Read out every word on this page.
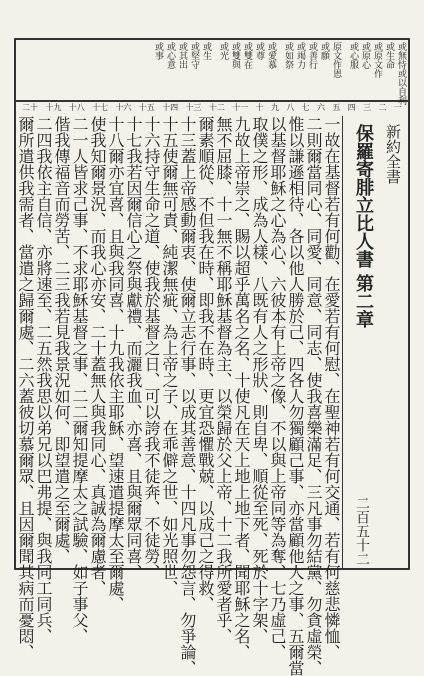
或無恃或以自利
或生命
或原文作
或原心
或心服
原文作恩
或願
或善行
或竭力
或如祭
或愛慕
或尊
或雙在
或雙與
或光
或生
或堅守
或其出
或心意
或事
一
二
三
四
五
六
七
八
九
十
十一
十二
十三
十四
十五
十六
十七
十八
十九
二十
新約全書
保羅寄腓立比人書 第二章
二百五十二
一故在基督若有何勸、在愛若有何慰、在聖神若有何交通、若有何慈悲憐恤、
二則爾當同心、同愛、同意、同志、使我喜樂滿足、三凡事勿結黨、勿貪虛榮、
惟以謙遜相待、各以他人勝於己、四各人勿獨顧己事、亦當顧他人之事、五爾當
以基督耶穌之心為心、六彼本有上帝之像、不以與上帝同等為奪、七乃虛己、
取僕之形、成為人樣、八既有人之形狀、則自卑、順從至死、死於十字架、
九故上帝崇之、賜以超乎萬名之名、十使凡在天上地上地下者、聞耶穌之名、
無不屈膝、十一無不稱耶穌基督為主、以榮歸於父上帝、十二我所愛者乎、
爾素順從、不但我在時、即我不在時、更宜恐懼戰兢、以成己之得救、
十三蓋上帝感動爾衷、使爾立志行事、以成其善意、十四凡事勿怨言、勿爭論、
十五使爾無可責、純潔無疵、為上帝之子、在乖僻之世、如光照世、
十六持守生命之道、使我於基督之日、可以誇我不徒奔、不徒勞、
十七我若因爾信心之祭與獻禮、而灑我血、亦喜、且與爾眾同喜、
十八爾亦宜喜、且與我同喜、十九我依主耶穌、望速遣提摩太至爾處、
使我知爾景況、而我心亦安、二十蓋無人與我同心、真誠為爾慮者、
二一人皆求己事、不求耶穌基督之事、二二爾知提摩太之試驗、如子事父、
偕我傳福音而勞苦、二三我若見我景況如何、即望遣之至爾處、
二四我依主自信、亦將速至、二五然我思以弟兄以巴弗提、與我同工同兵、
爾所遣供我需者、當遣之歸爾處、二六蓋彼切慕爾眾、且因爾聞其病而憂悶、
